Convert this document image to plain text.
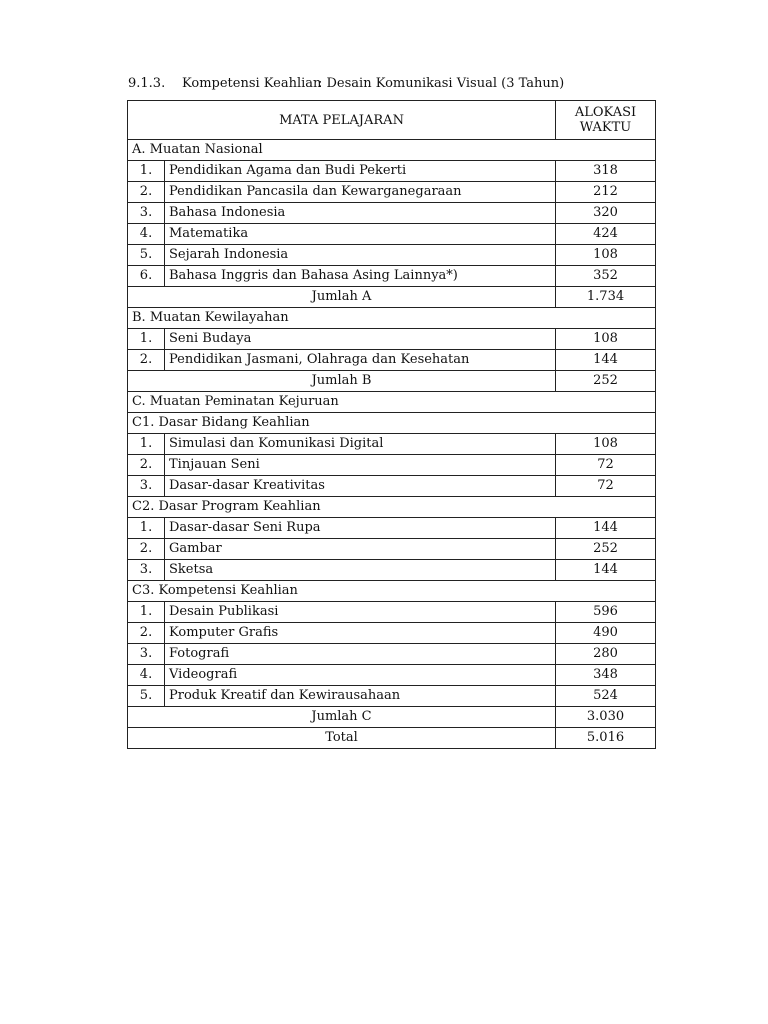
9.1.3. Kompetensi Keahlian: Desain Komunikasi Visual (3 Tahun)
MATA PELAJARAN		ALOKASI WAKTU
A. Muatan Nasional		
1.	Pendidikan Agama dan Budi Pekerti	318
2.	Pendidikan Pancasila dan Kewarganegaraan	212
3.	Bahasa Indonesia	320
4.	Matematika	424
5.	Sejarah Indonesia	108
6.	Bahasa Inggris dan Bahasa Asing Lainnya*)	352
Jumlah A		1.734
B. Muatan Kewilayahan		
1.	Seni Budaya	108
2.	Pendidikan Jasmani, Olahraga dan Kesehatan	144
Jumlah B		252
C. Muatan Peminatan Kejuruan		
C1. Dasar Bidang Keahlian		
1.	Simulasi dan Komunikasi Digital	108
2.	Tinjauan Seni	72
3.	Dasar-dasar Kreativitas	72
C2. Dasar Program Keahlian		
1.	Dasar-dasar Seni Rupa	144
2.	Gambar	252
3.	Sketsa	144
C3. Kompetensi Keahlian		
1.	Desain Publikasi	596
2.	Komputer Grafis	490
3.	Fotografi	280
4.	Videografi	348
5.	Produk Kreatif dan Kewirausahaan	524
Jumlah C		3.030
Total		5.016
